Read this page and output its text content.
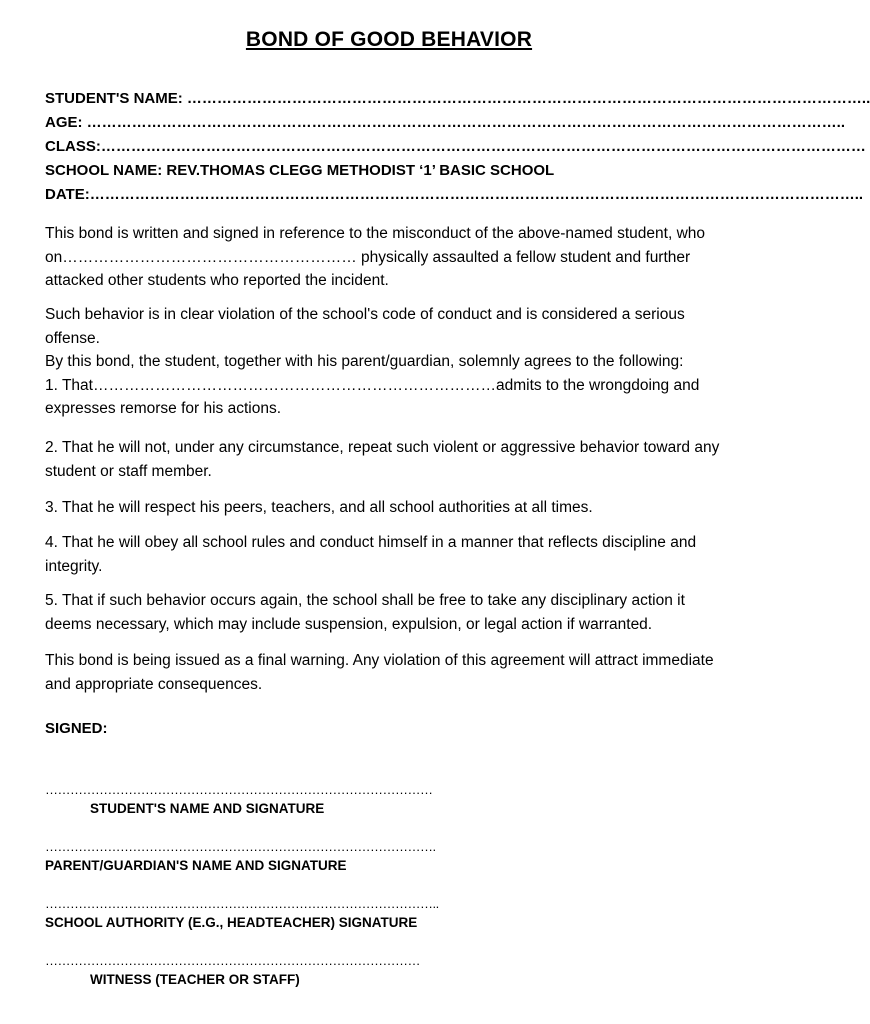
BOND OF GOOD BEHAVIOR
STUDENT'S NAME: ………………………………………………………………………………………………………………………..
AGE: ……………………………………………………………………………………………………………………………………..
CLASS:………………………………………………………………………………………………………………………………………
SCHOOL NAME: REV.THOMAS CLEGG METHODIST ‘1’ BASIC SCHOOL
DATE:………………………………………………………………………………………………………………………………………..

This bond is written and signed in reference to the misconduct of the above-named student, who on………………………………………………… physically assaulted a fellow student and further attacked other students who reported the incident.

Such behavior is in clear violation of the school's code of conduct and is considered a serious offense.

By this bond, the student, together with his parent/guardian, solemnly agrees to the following:

1. That……………………………………………………………………admits to the wrongdoing and expresses remorse for his actions.

2. That he will not, under any circumstance, repeat such violent or aggressive behavior toward any student or staff member.

3. That he will respect his peers, teachers, and all school authorities at all times.

4. That he will obey all school rules and conduct himself in a manner that reflects discipline and integrity.

5. That if such behavior occurs again, the school shall be free to take any disciplinary action it deems necessary, which may include suspension, expulsion, or legal action if warranted.

This bond is being issued as a final warning. Any violation of this agreement will attract immediate and appropriate consequences.

SIGNED:
…………………………………………………………………………………
STUDENT'S NAME AND SIGNATURE
………………………………………………………………………………….
PARENT/GUARDIAN'S NAME AND SIGNATURE
…………………………………………………………………………………..
SCHOOL AUTHORITY (E.G., HEADTEACHER) SIGNATURE
………………………………………………………………………………
WITNESS (TEACHER OR STAFF)
